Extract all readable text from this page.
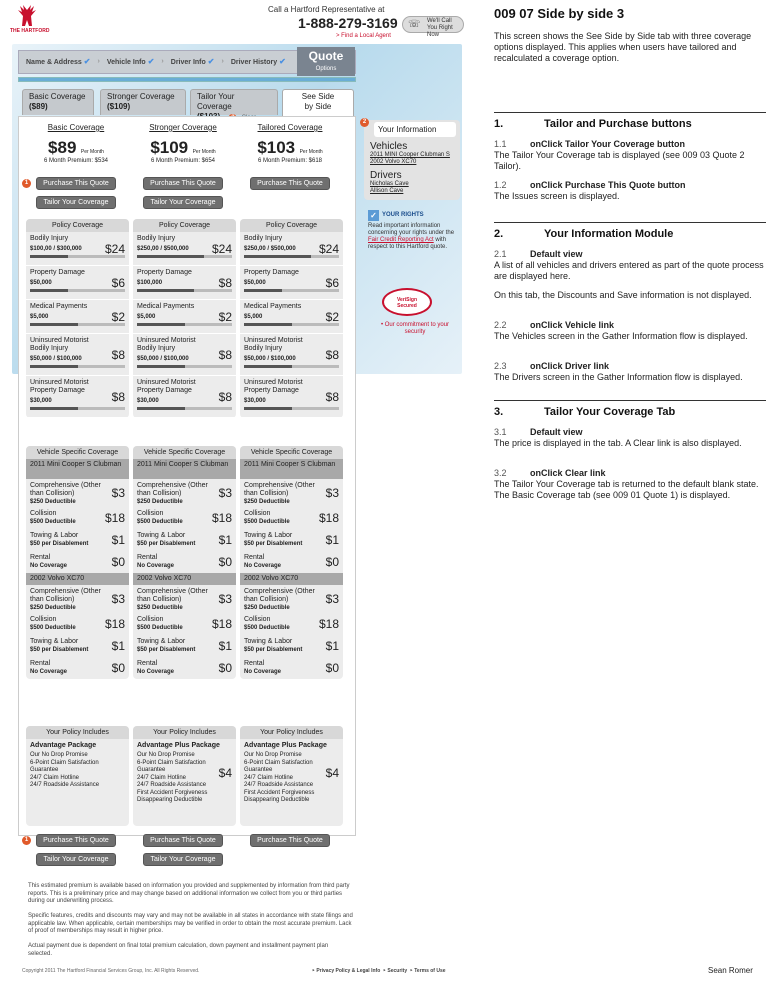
THE HARTFORD
Call a Hartford Representative at
1-888-279-3169 ☏ We'll Call You Right Now
> Find a Local Agent
Name & Address ✔	›	Vehicle Info ✔	›	Driver Info ✔	›	Driver History ✔	Quote
Options
Basic Coverage
($89)
Stronger Coverage
($109)
Tailor Your Coverage
See Side by Side
Basic Coverage
$89 Per Month
6 Month Premium: $534
Stronger Coverage
$109 Per Month
6 Month Premium: $654
Tailored Coverage
$103 Per Month
6 Month Premium: $618
Purchase This Quote
Tailor Your Coverage
Purchase This Quote
Tailor Your Coverage
Purchase This Quote
1
Policy Coverage
Bodily Injury
$100,00 / $300,000	$24
Property Damage
$50,000	$6
Medical Payments
$5,000	$2
Uninsured Motorist Bodily Injury
$50,000 / $100,000	$8
Uninsured Motorist Property Damage
$30,000	$8
Policy Coverage
Bodily Injury
$250,00 / $500,000	$24
Property Damage
$100,000	$8
Medical Payments
$5,000	$2
Uninsured Motorist Bodily Injury
$50,000 / $100,000	$8
Uninsured Motorist Property Damage
$30,000	$8
Policy Coverage
Bodily Injury
$250,00 / $500,000	$24
Property Damage
$50,000	$6
Medical Payments
$5,000	$2
Uninsured Motorist Bodily Injury
$50,000 / $100,000	$8
Uninsured Motorist Property Damage
$30,000	$8
Vehicle Specific Coverage
2011 Mini Cooper S Clubman
Comprehensive (Other than Collision)
$250 Deductible
$3
Collision
$500 Deductible	$18
Towing & Labor
$50 per Disablement	$1
Rental
No Coverage	$0
2002 Volvo XC70
Comprehensive (Other than Collision)
$250 Deductible
$3
Collision
$500 Deductible	$18
Towing & Labor
$50 per Disablement	$1
Rental
No Coverage	$0
Vehicle Specific Coverage
2011 Mini Cooper S Clubman
Comprehensive (Other than Collision)
$250 Deductible
$3
Collision
$500 Deductible	$18
Towing & Labor
$50 per Disablement	$1
Rental
No Coverage	$0
2002 Volvo XC70
Comprehensive (Other than Collision)
$250 Deductible
$3
Collision
$500 Deductible	$18
Towing & Labor
$50 per Disablement	$1
Rental
No Coverage	$0
Vehicle Specific Coverage
2011 Mini Cooper S Clubman
Comprehensive (Other than Collision)
$250 Deductible
$3
Collision
$500 Deductible	$18
Towing & Labor
$50 per Disablement	$1
Rental
No Coverage	$0
2002 Volvo XC70
Comprehensive (Other than Collision)
$250 Deductible
$3
Collision
$500 Deductible	$18
Towing & Labor
$50 per Disablement	$1
Rental
No Coverage	$0
Your Policy Includes
Advantage Package
Our No Drop Promise
6-Point Claim Satisfaction Guarantee
24/7 Claim Hotline
24/7 Roadside Assistance
Your Policy Includes
Advantage Plus Package
Our No Drop Promise
6-Point Claim Satisfaction Guarantee
24/7 Claim Hotline
24/7 Roadside Assistance
First Accident Forgiveness
Disappearing Deductible
$4
Your Policy Includes
Advantage Plus Package
Our No Drop Promise
6-Point Claim Satisfaction Guarantee
24/7 Claim Hotline
24/7 Roadside Assistance
First Accident Forgiveness
Disappearing Deductible
$4
Purchase This Quote
Tailor Your Coverage
Purchase This Quote
Tailor Your Coverage
Purchase This Quote
1
2
Your Information
Vehicles
2011 MINI Cooper Clubman S
2002 Volvo XC70
Drivers
Nicholas Cave
Allison Cave
✓ YOUR RIGHTS
Read important information concerning your rights under the Fair Credit Reporting Act with respect to this Hartford quote.
VeriSign
Secured
• Our commitment to your security
This estimated premium is available based on information you provided and supplemented by information from third party reports. This is a preliminary price and may change based on additional information we collect from you or third parties during our underwriting process.
Specific features, credits and discounts may vary and may not be available in all states in accordance with state filings and applicable law. When applicable, certain memberships may be verified in order to obtain the most accurate premium. Lack of proof of memberships may result in higher price.
Actual payment due is dependent on final total premium calculation, down payment and installment payment plan selected.
Copyright 2011 The Hartford Financial Services Group, Inc. All Rights Reserved.	‣ Privacy Policy & Legal Info ‣ Security ‣ Terms of Use
009 07 Side by side 3
This screen shows the See Side by Side tab with three coverage options displayed. This applies when users have tailored and recalculated a coverage option.
1.	Tailor and Purchase buttons
1.1	onClick Tailor Your Coverage button
The Tailor Your Coverage tab is displayed (see 009 03 Quote 2 Tailor).
1.2	onClick Purchase This Quote button
The Issues screen is displayed.
2.	Your Information Module
2.1	Default view
A list of all vehicles and drivers entered as part of the quote process are displayed here.
On this tab, the Discounts and Save information is not displayed.
2.2	onClick Vehicle link
The Vehicles screen in the Gather Information flow is displayed.
2.3	onClick Driver link
The Drivers screen in the Gather Information flow is displayed.
3.	Tailor Your Coverage Tab
3.1	Default view
The price is displayed in the tab. A Clear link is also displayed.
3.2	onClick Clear link
The Tailor Your Coverage tab is returned to the default blank state. The Basic Coverage tab (see 009 01 Quote 1) is displayed.
Sean Romer
